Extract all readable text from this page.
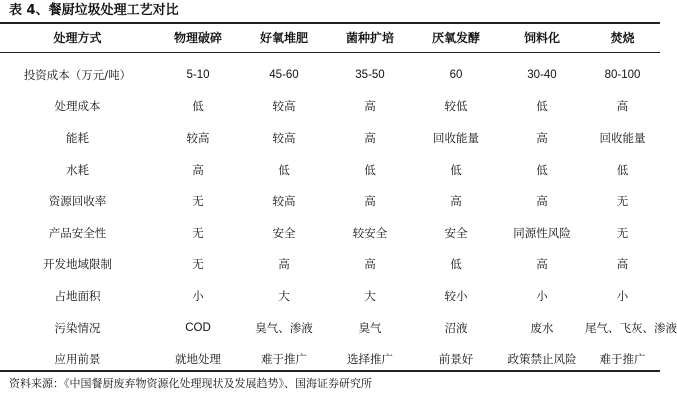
表 4、餐厨垃圾处理工艺对比
处理方式	物理破碎	好氧堆肥	菌种扩培	厌氧发酵	饲料化	焚烧
投资成本（万元/吨）	5-10	45-60	35-50	60	30-40	80-100
处理成本	低	较高	高	较低	低	高
能耗	较高	较高	高	回收能量	高	回收能量
水耗	高	低	低	低	低	低
资源回收率	无	较高	高	高	高	无
产品安全性	无	安全	较安全	安全	同源性风险	无
开发地域限制	无	高	高	低	高	高
占地面积	小	大	大	较小	小	小
污染情况	COD	臭气、渗液	臭气	沼液	废水	尾气、飞灰、渗液
应用前景	就地处理	难于推广	选择推广	前景好	政策禁止风险	难于推广
资料来源：《中国餐厨废弃物资源化处理现状及发展趋势》、国海证券研究所
